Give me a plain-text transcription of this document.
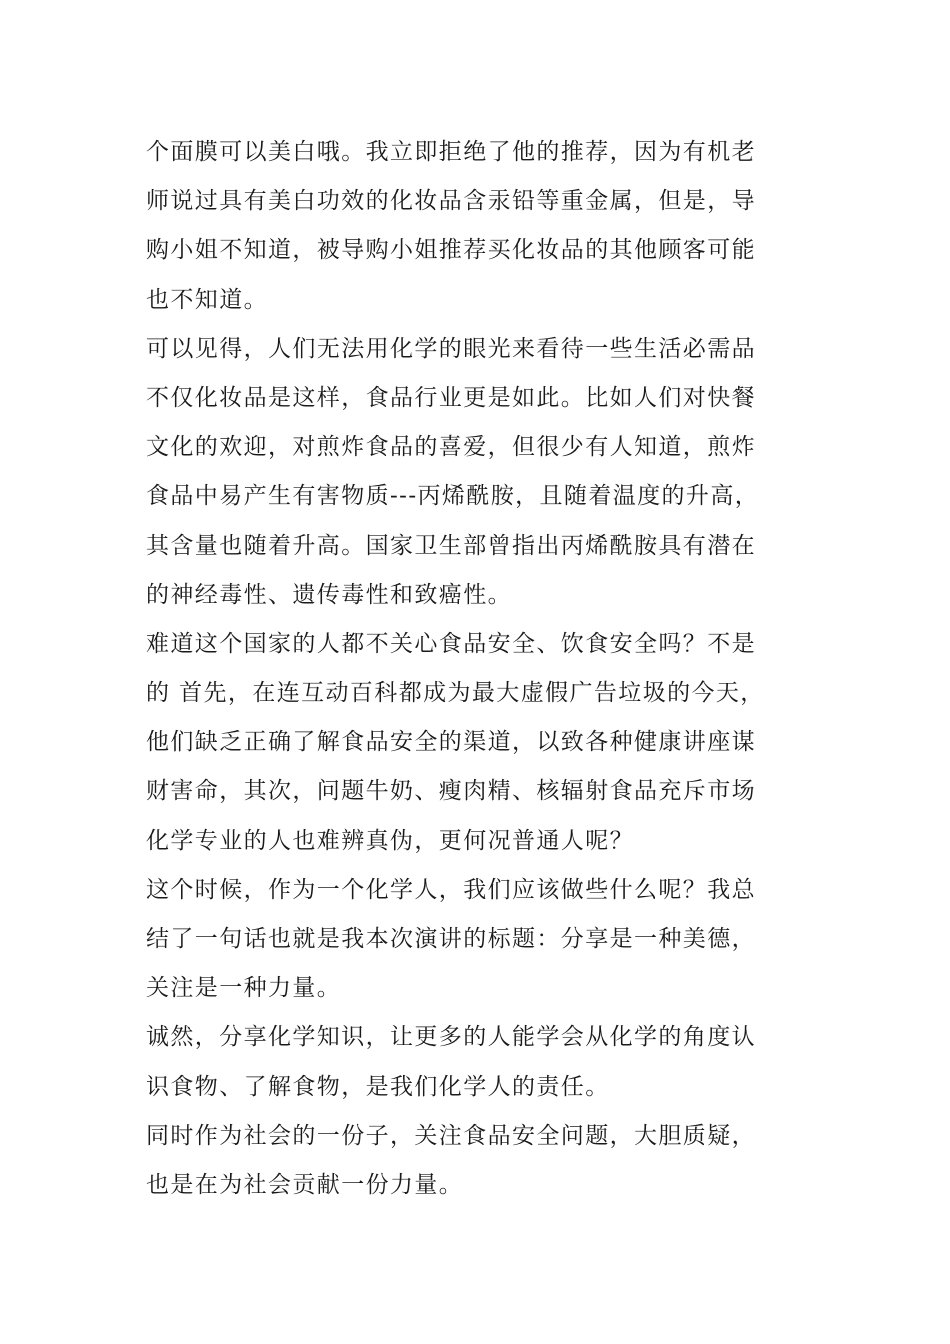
个面膜可以美白哦。我立即拒绝了他的推荐，因为有机老
师说过具有美白功效的化妆品含汞铅等重金属，但是，导
购小姐不知道，被导购小姐推荐买化妆品的其他顾客可能
也不知道。
可以见得，人们无法用化学的眼光来看待一些生活必需品
不仅化妆品是这样，食品行业更是如此。比如人们对快餐
文化的欢迎，对煎炸食品的喜爱，但很少有人知道，煎炸
食品中易产生有害物质---丙烯酰胺，且随着温度的升高，
其含量也随着升高。国家卫生部曾指出丙烯酰胺具有潜在
的神经毒性、遗传毒性和致癌性。
难道这个国家的人都不关心食品安全、饮食安全吗？不是
的 首先，在连互动百科都成为最大虚假广告垃圾的今天，
他们缺乏正确了解食品安全的渠道，以致各种健康讲座谋
财害命，其次，问题牛奶、瘦肉精、核辐射食品充斥市场
化学专业的人也难辨真伪，更何况普通人呢？
这个时候，作为一个化学人，我们应该做些什么呢？我总
结了一句话也就是我本次演讲的标题：分享是一种美德，
关注是一种力量。
诚然，分享化学知识，让更多的人能学会从化学的角度认
识食物、了解食物，是我们化学人的责任。
同时作为社会的一份子，关注食品安全问题，大胆质疑，
也是在为社会贡献一份力量。
